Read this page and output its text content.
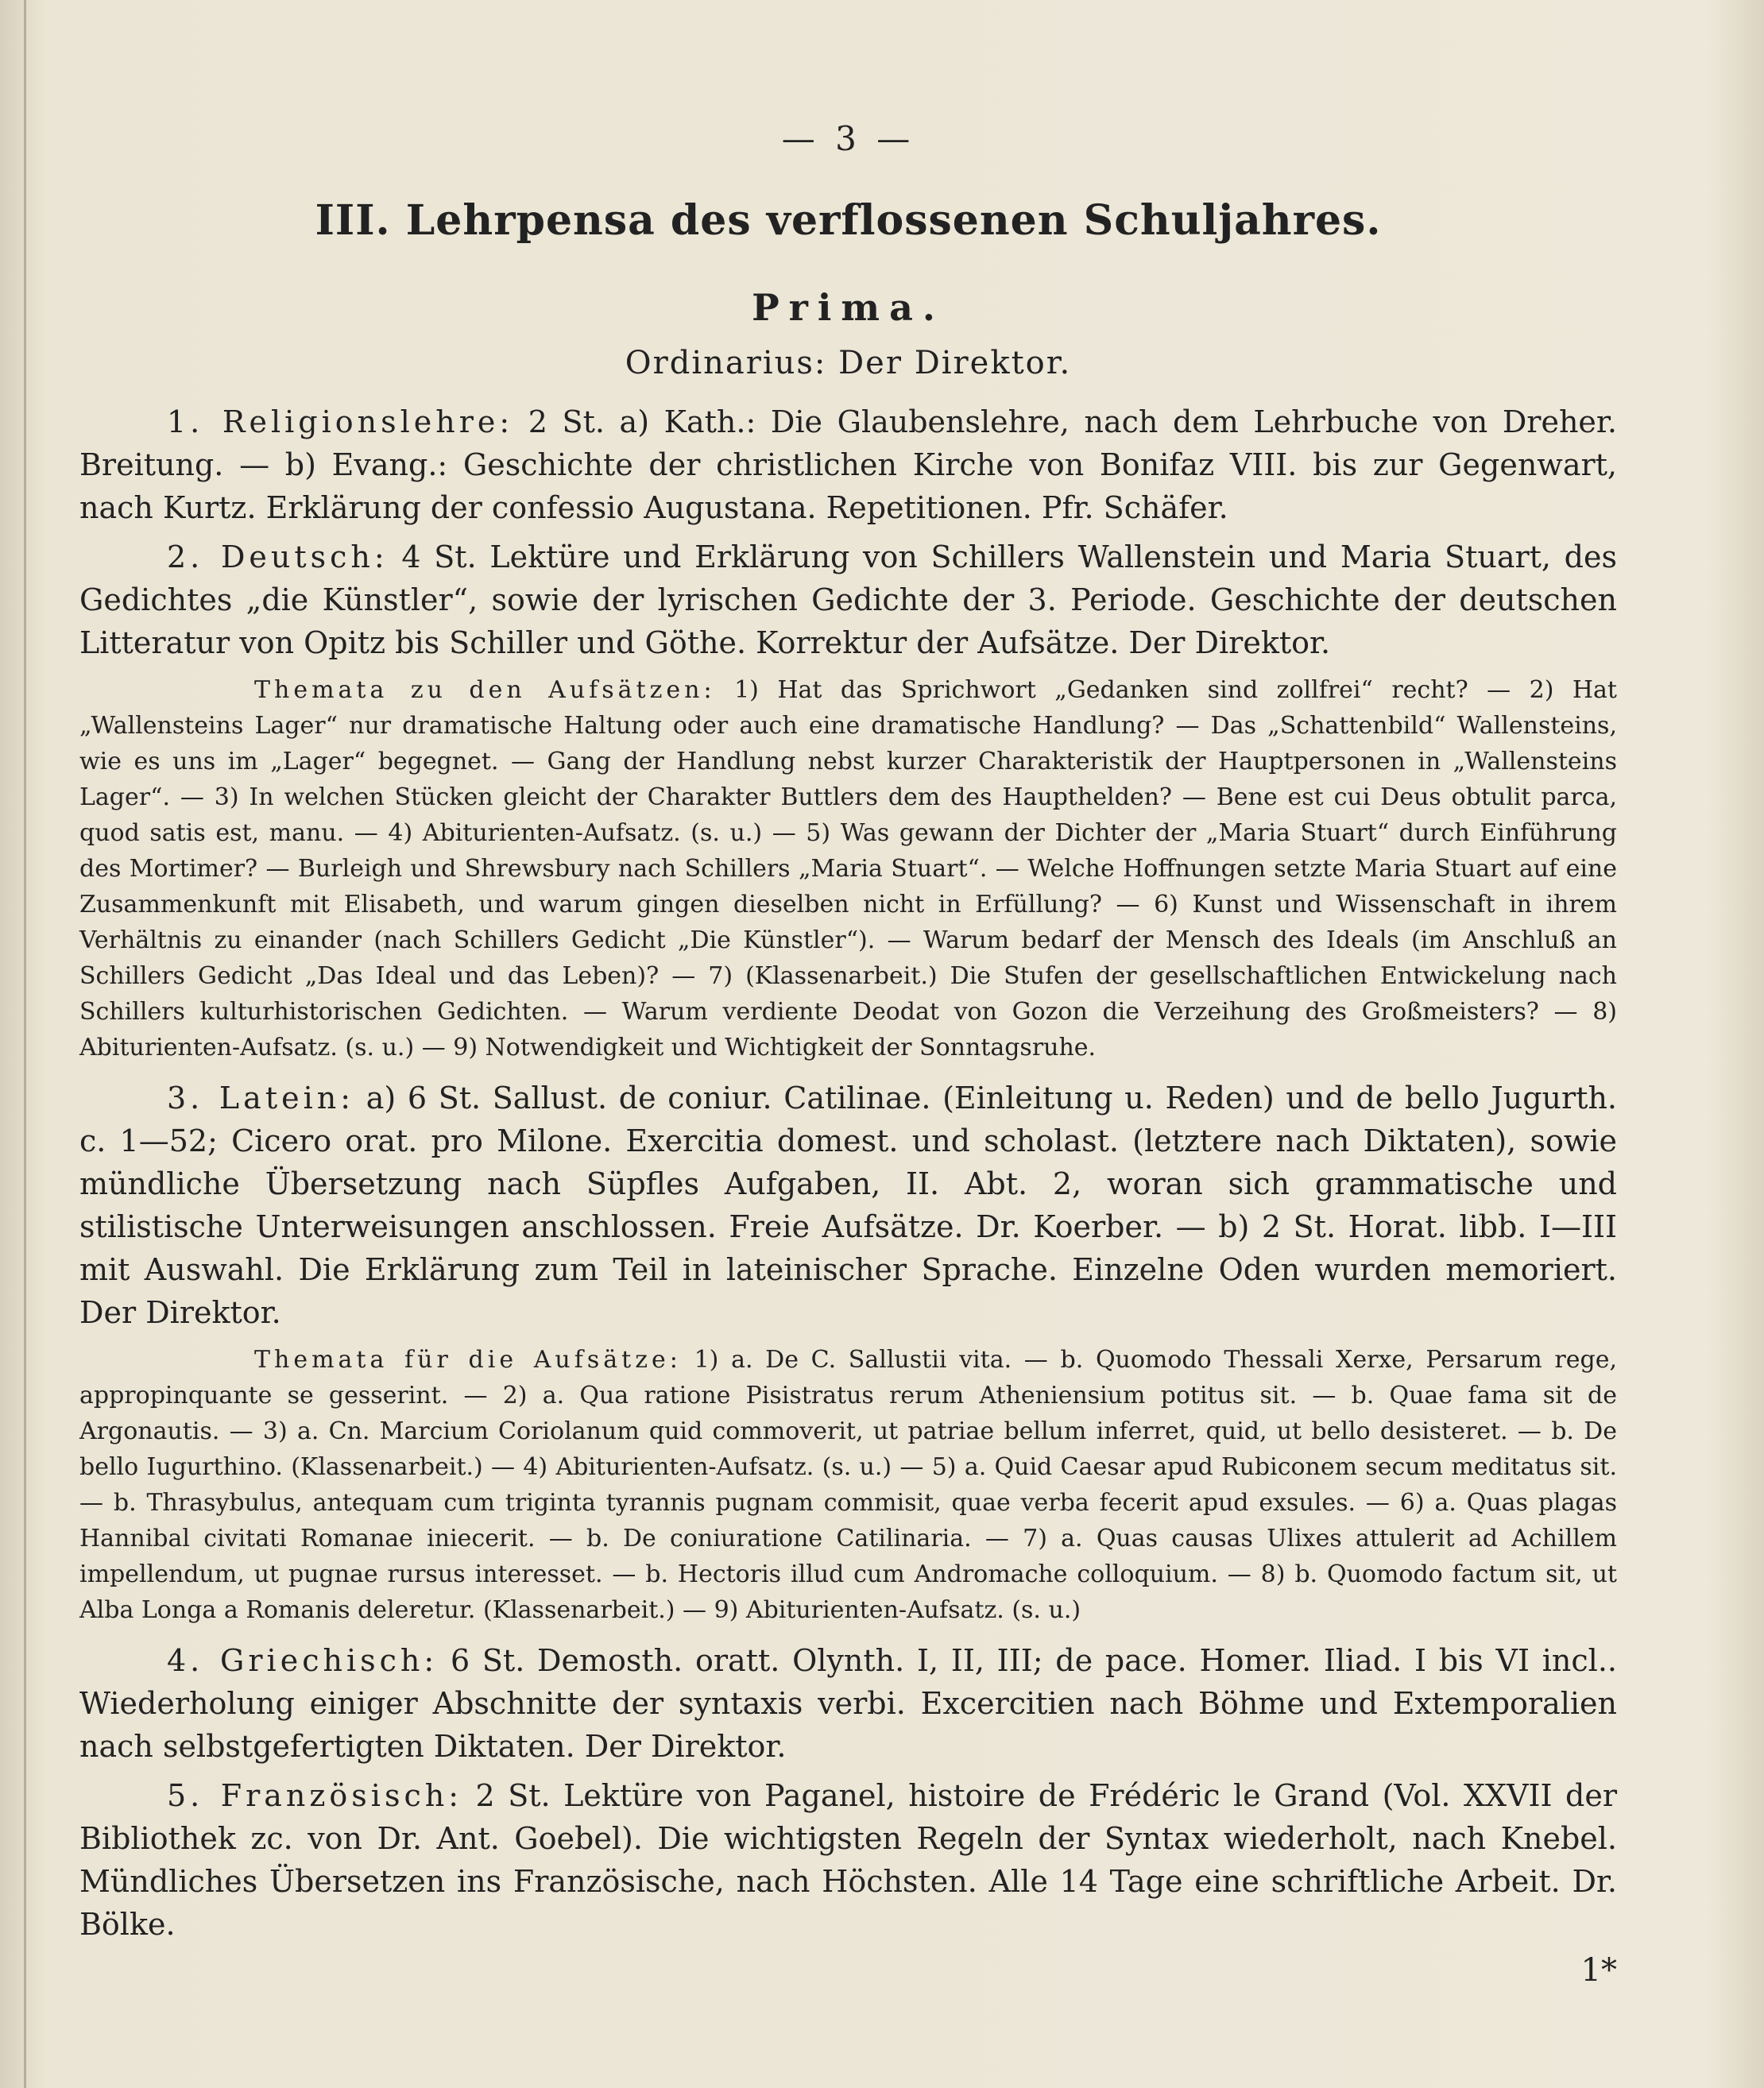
— 3 —
III. Lehrpensa des verflossenen Schuljahres.
Prima.
Ordinarius: Der Direktor.

1. Religionslehre: 2 St. a) Kath.: Die Glaubenslehre, nach dem Lehrbuche von Dreher. Breitung. — b) Evang.: Geschichte der christlichen Kirche von Bonifaz VIII. bis zur Gegenwart, nach Kurtz. Erklärung der confessio Augustana. Repetitionen. Pfr. Schäfer.

2. Deutsch: 4 St. Lektüre und Erklärung von Schillers Wallenstein und Maria Stuart, des Gedichtes „die Künstler“, sowie der lyrischen Gedichte der 3. Periode. Geschichte der deutschen Litteratur von Opitz bis Schiller und Göthe. Korrektur der Aufsätze. Der Direktor.

Themata zu den Aufsätzen: 1) Hat das Sprichwort „Gedanken sind zollfrei“ recht? — 2) Hat „Wallensteins Lager“ nur dramatische Haltung oder auch eine dramatische Handlung? — Das „Schattenbild“ Wallensteins, wie es uns im „Lager“ begegnet. — Gang der Handlung nebst kurzer Charakteristik der Hauptpersonen in „Wallensteins Lager“. — 3) In welchen Stücken gleicht der Charakter Buttlers dem des Haupthelden? — Bene est cui Deus obtulit parca, quod satis est, manu. — 4) Abiturienten-Aufsatz. (s. u.) — 5) Was gewann der Dichter der „Maria Stuart“ durch Einführung des Mortimer? — Burleigh und Shrewsbury nach Schillers „Maria Stuart“. — Welche Hoffnungen setzte Maria Stuart auf eine Zusammenkunft mit Elisabeth, und warum gingen dieselben nicht in Erfüllung? — 6) Kunst und Wissenschaft in ihrem Verhältnis zu einander (nach Schillers Gedicht „Die Künstler“). — Warum bedarf der Mensch des Ideals (im Anschluß an Schillers Gedicht „Das Ideal und das Leben)? — 7) (Klassenarbeit.) Die Stufen der gesellschaftlichen Entwickelung nach Schillers kulturhistorischen Gedichten. — Warum verdiente Deodat von Gozon die Verzeihung des Großmeisters? — 8) Abiturienten-Aufsatz. (s. u.) — 9) Notwendigkeit und Wichtigkeit der Sonntagsruhe.

3. Latein: a) 6 St. Sallust. de coniur. Catilinae. (Einleitung u. Reden) und de bello Jugurth. c. 1—52; Cicero orat. pro Milone. Exercitia domest. und scholast. (letztere nach Diktaten), sowie mündliche Übersetzung nach Süpfles Aufgaben, II. Abt. 2, woran sich grammatische und stilistische Unterweisungen anschlossen. Freie Aufsätze. Dr. Koerber. — b) 2 St. Horat. libb. I—III mit Auswahl. Die Erklärung zum Teil in lateinischer Sprache. Einzelne Oden wurden memoriert. Der Direktor.

Themata für die Aufsätze: 1) a. De C. Sallustii vita. — b. Quomodo Thessali Xerxe, Persarum rege, appropinquante se gesserint. — 2) a. Qua ratione Pisistratus rerum Atheniensium potitus sit. — b. Quae fama sit de Argonautis. — 3) a. Cn. Marcium Coriolanum quid commoverit, ut patriae bellum inferret, quid, ut bello desisteret. — b. De bello Iugurthino. (Klassenarbeit.) — 4) Abiturienten-Aufsatz. (s. u.) — 5) a. Quid Caesar apud Rubiconem secum meditatus sit. — b. Thrasybulus, antequam cum triginta tyrannis pugnam commisit, quae verba fecerit apud exsules. — 6) a. Quas plagas Hannibal civitati Romanae iniecerit. — b. De coniuratione Catilinaria. — 7) a. Quas causas Ulixes attulerit ad Achillem impellendum, ut pugnae rursus interesset. — b. Hectoris illud cum Andromache colloquium. — 8) b. Quomodo factum sit, ut Alba Longa a Romanis deleretur. (Klassenarbeit.) — 9) Abiturienten-Aufsatz. (s. u.)

4. Griechisch: 6 St. Demosth. oratt. Olynth. I, II, III; de pace. Homer. Iliad. I bis VI incl.. Wiederholung einiger Abschnitte der syntaxis verbi. Excercitien nach Böhme und Extemporalien nach selbstgefertigten Diktaten. Der Direktor.

5. Französisch: 2 St. Lektüre von Paganel, histoire de Frédéric le Grand (Vol. XXVII der Bibliothek zc. von Dr. Ant. Goebel). Die wichtigsten Regeln der Syntax wiederholt, nach Knebel. Mündliches Übersetzen ins Französische, nach Höchsten. Alle 14 Tage eine schriftliche Arbeit. Dr. Bölke.

1*
